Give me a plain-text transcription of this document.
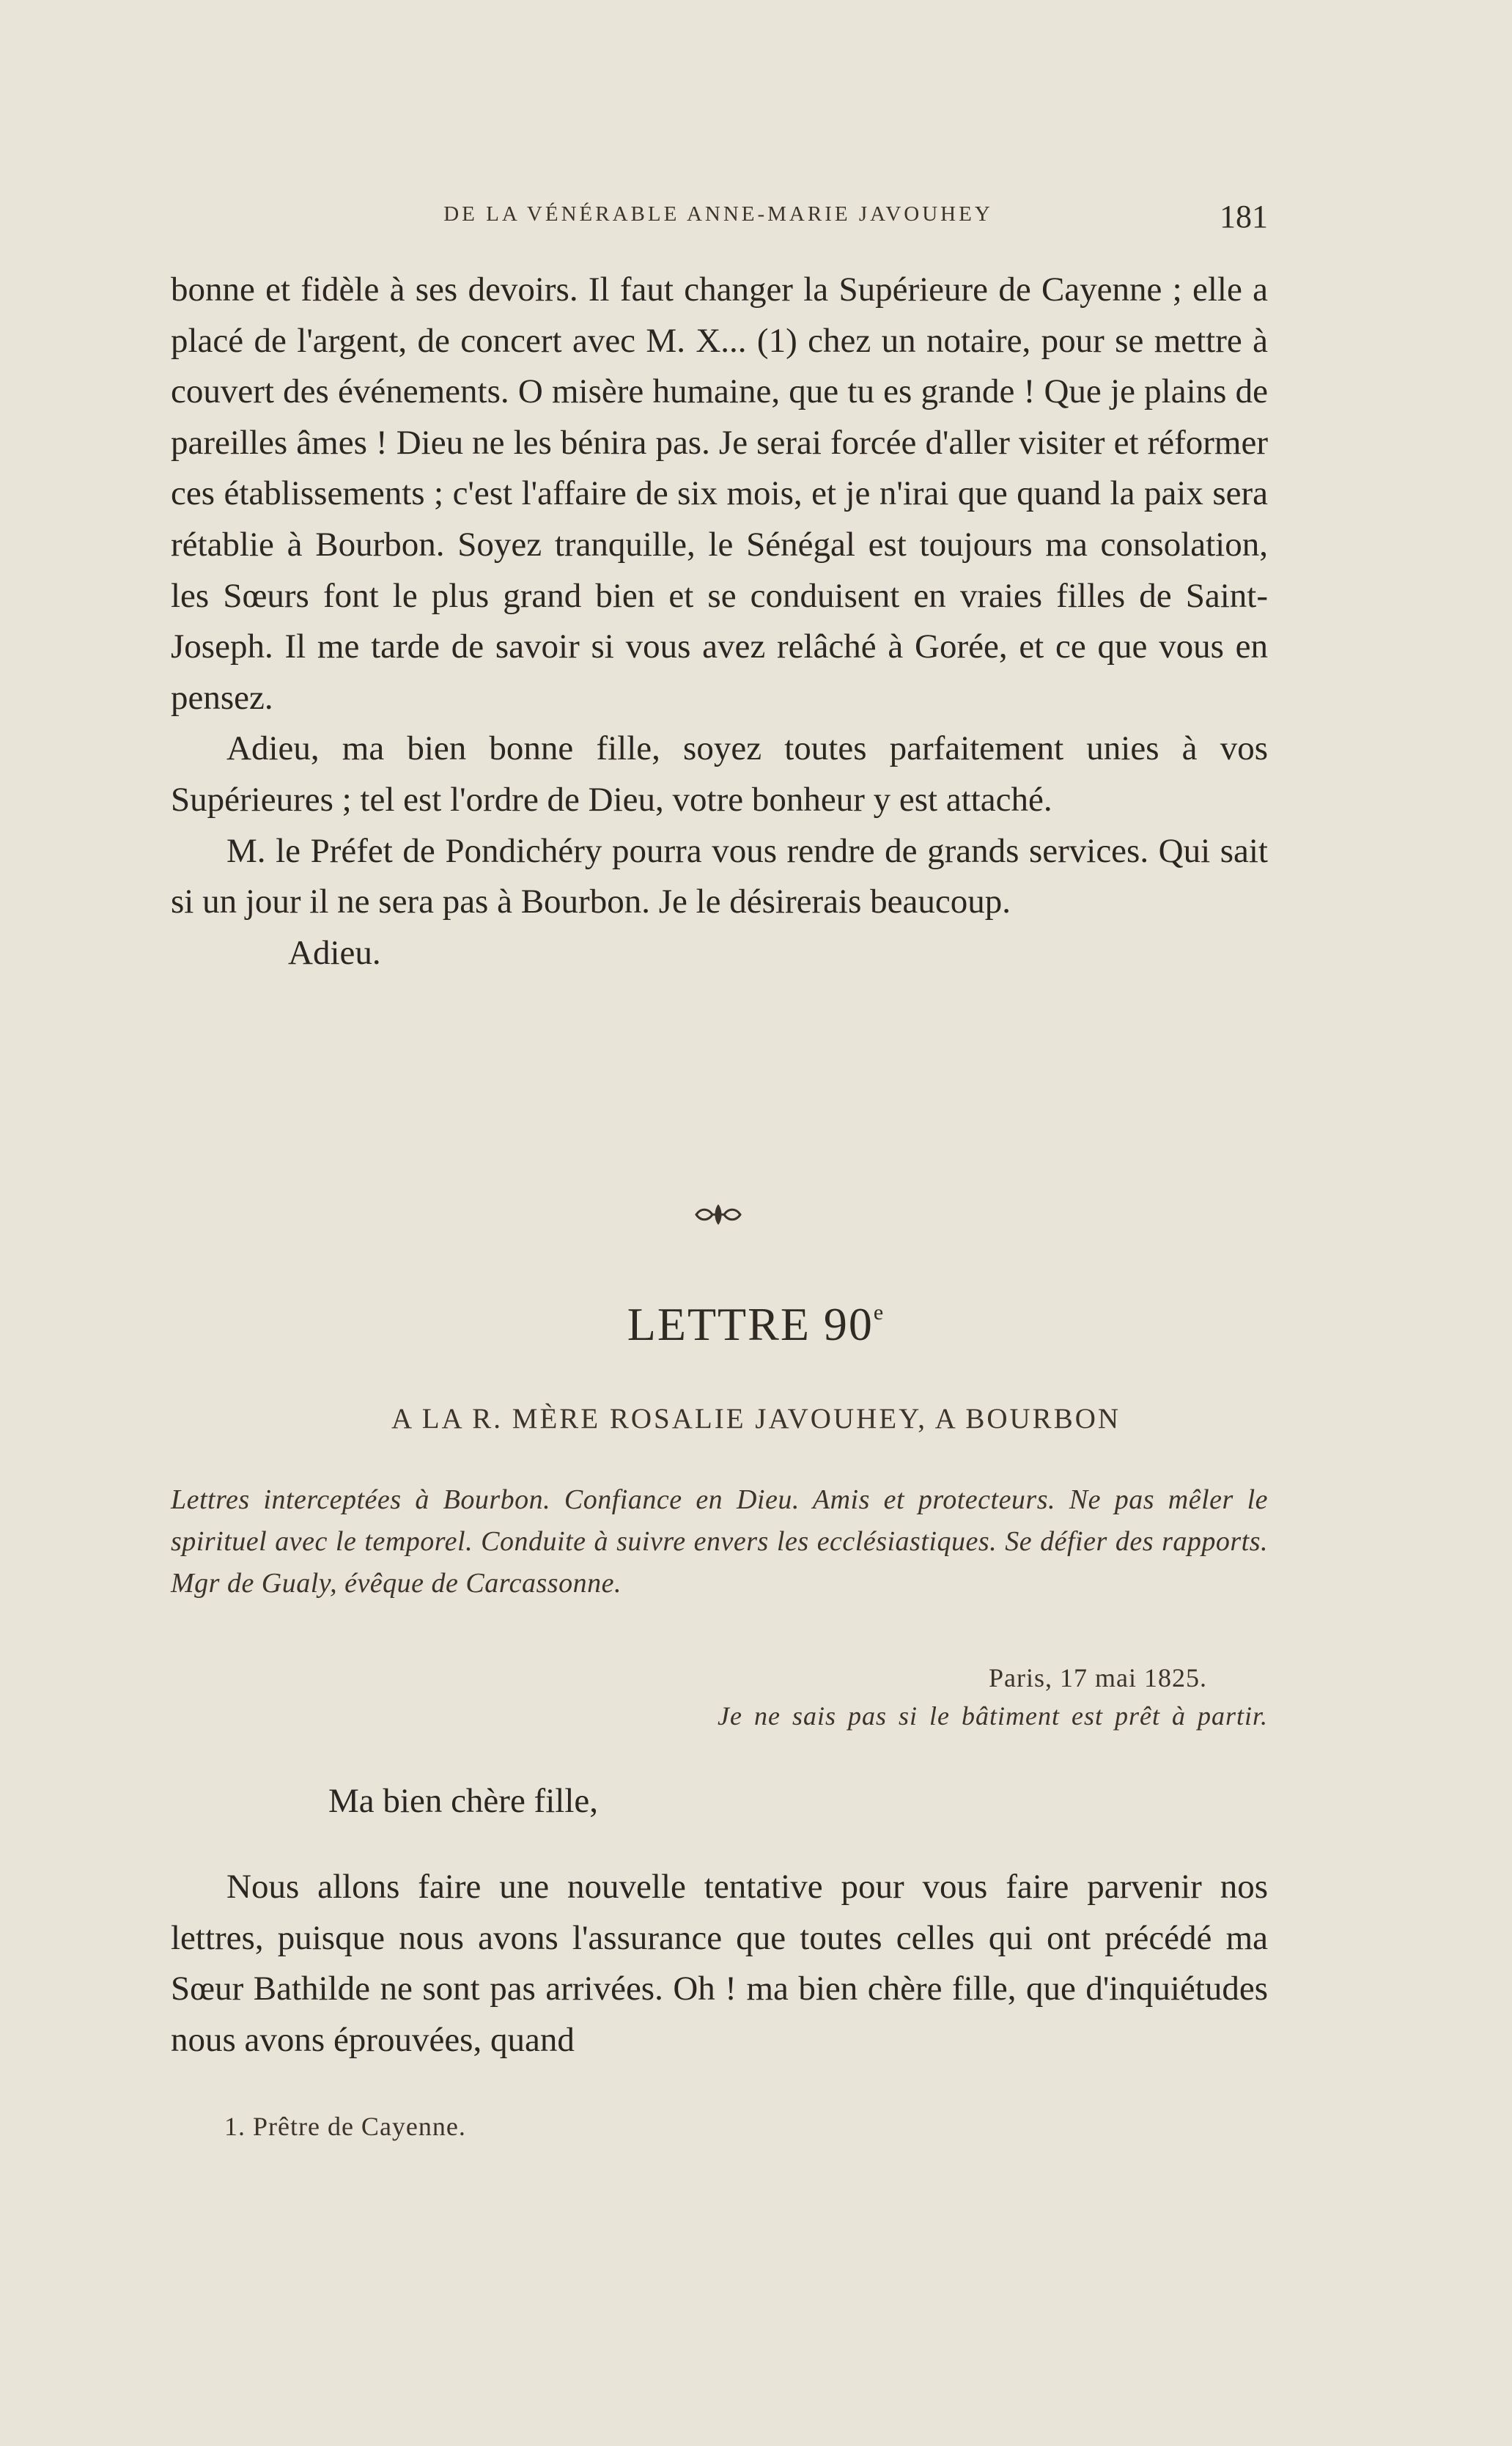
DE LA VÉNÉRABLE ANNE-MARIE JAVOUHEY	181

bonne et fidèle à ses devoirs. Il faut changer la Supérieure de Cayenne ; elle a placé de l'argent, de concert avec M. X... (1) chez un notaire, pour se mettre à couvert des événements. O misère humaine, que tu es grande ! Que je plains de pareilles âmes ! Dieu ne les bénira pas. Je serai forcée d'aller visiter et réformer ces établissements ; c'est l'affaire de six mois, et je n'irai que quand la paix sera rétablie à Bourbon. Soyez tranquille, le Sénégal est toujours ma consolation, les Sœurs font le plus grand bien et se conduisent en vraies filles de Saint-Joseph. Il me tarde de savoir si vous avez relâché à Gorée, et ce que vous en pensez.

Adieu, ma bien bonne fille, soyez toutes parfaitement unies à vos Supérieures ; tel est l'ordre de Dieu, votre bonheur y est attaché.

M. le Préfet de Pondichéry pourra vous rendre de grands services. Qui sait si un jour il ne sera pas à Bourbon. Je le désirerais beaucoup.

Adieu.

LETTRE 90e
A LA R. MÈRE ROSALIE JAVOUHEY, A BOURBON
Lettres interceptées à Bourbon. Confiance en Dieu. Amis et protecteurs. Ne pas mêler le spirituel avec le temporel. Conduite à suivre envers les ecclésiastiques. Se défier des rapports. Mgr de Gualy, évêque de Carcassonne.
Paris, 17 mai 1825.
Je ne sais pas si le bâtiment est prêt à partir.
Ma bien chère fille,

Nous allons faire une nouvelle tentative pour vous faire parvenir nos lettres, puisque nous avons l'assurance que toutes celles qui ont précédé ma Sœur Bathilde ne sont pas arrivées. Oh ! ma bien chère fille, que d'inquiétudes nous avons éprouvées, quand

1. Prêtre de Cayenne.
